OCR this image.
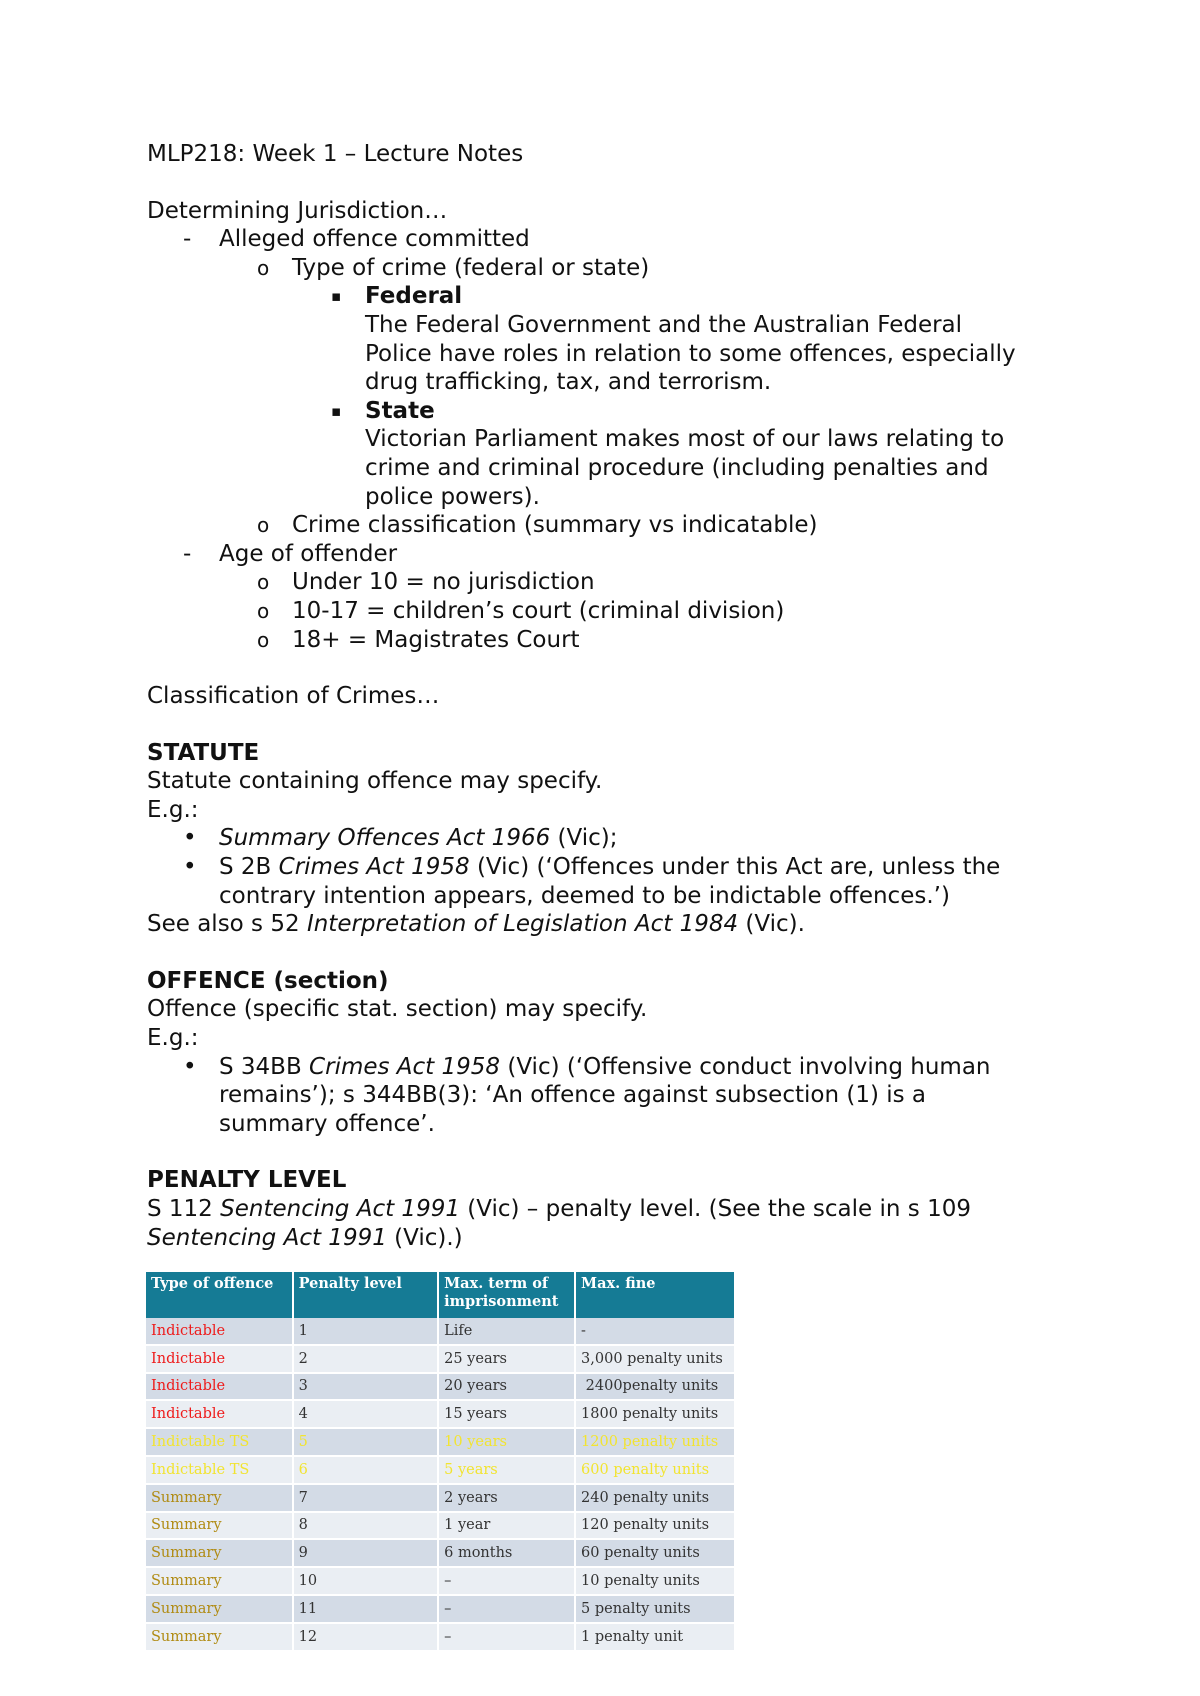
MLP218: Week 1 – Lecture Notes
Determining Jurisdiction…
- Alleged offence committed
o Type of crime (federal or state)
▪ Federal
The Federal Government and the Australian Federal
Police have roles in relation to some offences, especially
drug trafficking, tax, and terrorism.
▪ State
Victorian Parliament makes most of our laws relating to
crime and criminal procedure (including penalties and
police powers).
o Crime classification (summary vs indicatable)
- Age of offender
o Under 10 = no jurisdiction
o 10-17 = children’s court (criminal division)
o 18+ = Magistrates Court
Classification of Crimes…
STATUTE
Statute containing offence may specify.
E.g.:
• Summary Offences Act 1966 (Vic);
• S 2B Crimes Act 1958 (Vic) (‘Offences under this Act are, unless the
contrary intention appears, deemed to be indictable offences.’)
See also s 52 Interpretation of Legislation Act 1984 (Vic).
OFFENCE (section)
Offence (specific stat. section) may specify.
E.g.:
• S 34BB Crimes Act 1958 (Vic) (‘Offensive conduct involving human
remains’); s 344BB(3): ‘An offence against subsection (1) is a
summary offence’.
PENALTY LEVEL
S 112 Sentencing Act 1991 (Vic) – penalty level. (See the scale in s 109
Sentencing Act 1991 (Vic).)
Type of offence	Penalty level	Max. term of imprisonment	Max. fine
Indictable	1	Life	-
Indictable	2	25 years	3,000 penalty units
Indictable	3	20 years	2400penalty units
Indictable	4	15 years	1800 penalty units
Indictable TS	5	10 years	1200 penalty units
Indictable TS	6	5 years	600 penalty units
Summary	7	2 years	240 penalty units
Summary	8	1 year	120 penalty units
Summary	9	6 months	60 penalty units
Summary	10	–	10 penalty units
Summary	11	–	5 penalty units
Summary	12	–	1 penalty unit
